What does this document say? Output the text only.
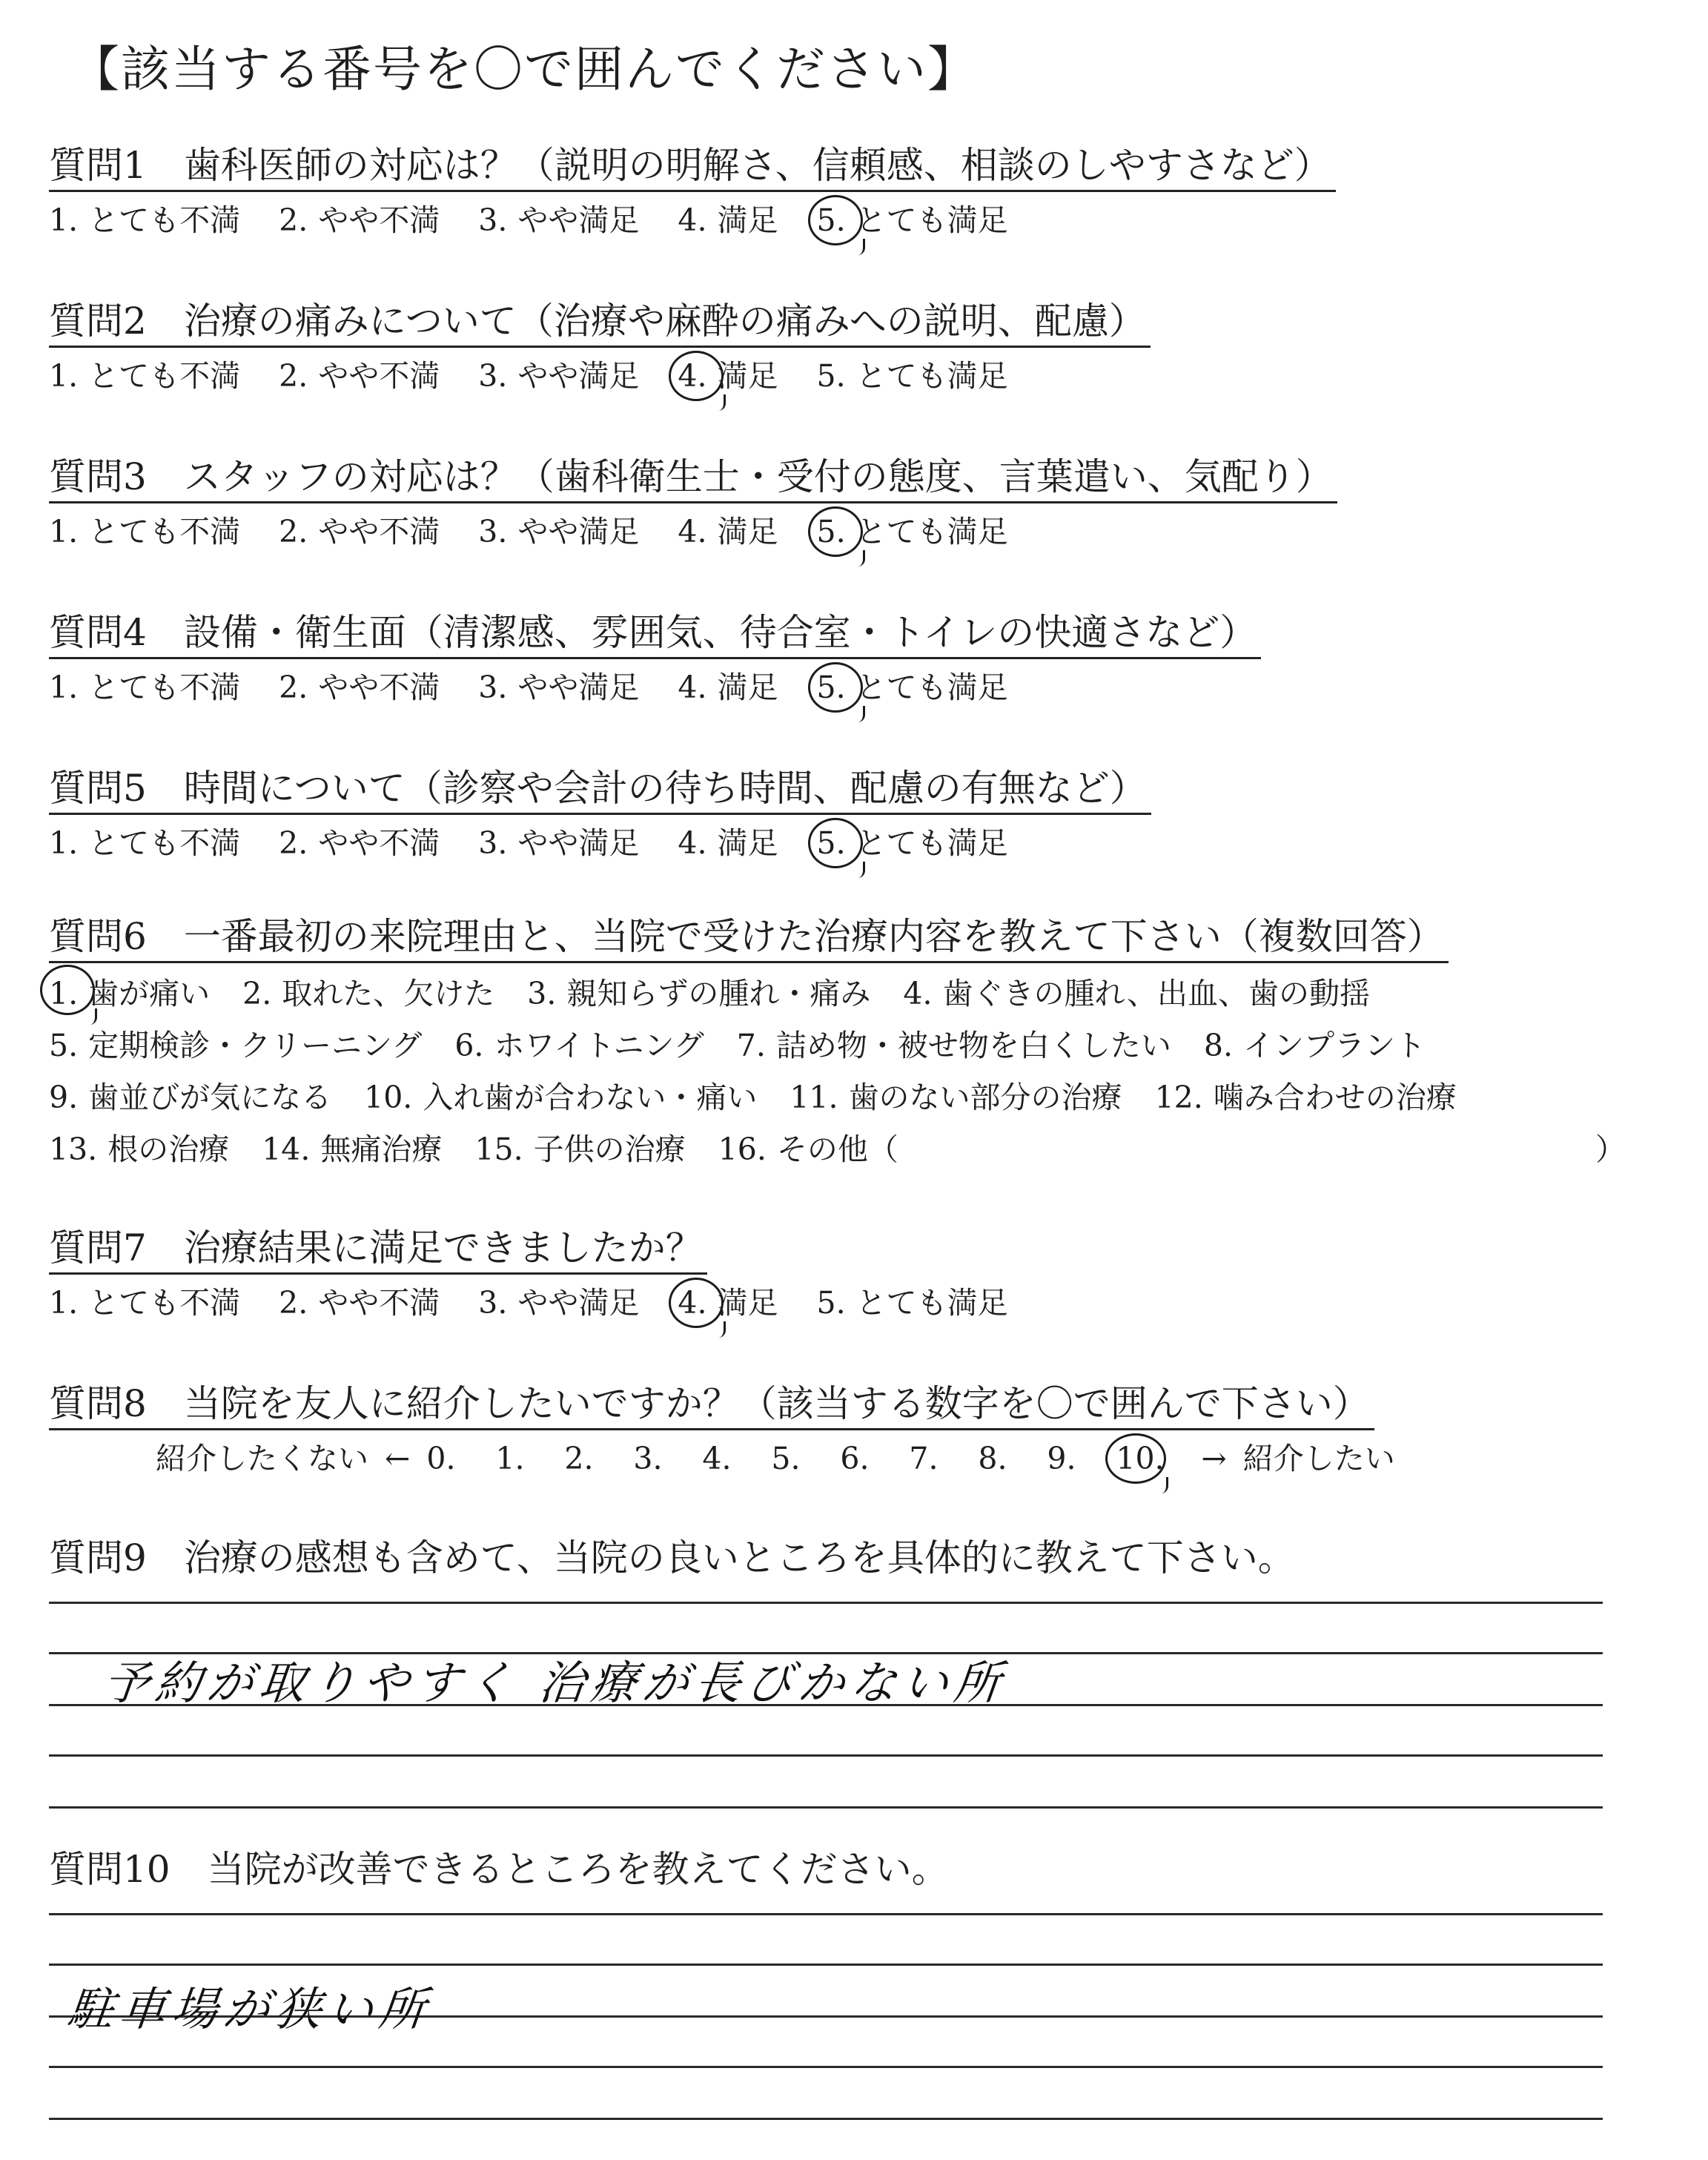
【該当する番号を〇で囲んでください】
質問1 歯科医師の対応は？（説明の明解さ、信頼感、相談のしやすさなど）
1. とても不満 2. やや不満 3. やや満足 4. 満足 5. とても満足
質問2 治療の痛みについて（治療や麻酔の痛みへの説明、配慮）
1. とても不満 2. やや不満 3. やや満足 4. 満足 5. とても満足
質問3 スタッフの対応は？（歯科衛生士・受付の態度、言葉遣い、気配り）
1. とても不満 2. やや不満 3. やや満足 4. 満足 5. とても満足
質問4 設備・衛生面（清潔感、雰囲気、待合室・トイレの快適さなど）
1. とても不満 2. やや不満 3. やや満足 4. 満足 5. とても満足
質問5 時間について（診察や会計の待ち時間、配慮の有無など）
1. とても不満 2. やや不満 3. やや満足 4. 満足 5. とても満足
質問6 一番最初の来院理由と、当院で受けた治療内容を教えて下さい（複数回答）
1. 歯が痛い 2. 取れた、欠けた 3. 親知らずの腫れ・痛み 4. 歯ぐきの腫れ、出血、歯の動揺
5. 定期検診・クリーニング 6. ホワイトニング 7. 詰め物・被せ物を白くしたい 8. インプラント
9. 歯並びが気になる 10. 入れ歯が合わない・痛い 11. 歯のない部分の治療 12. 噛み合わせの治療
13. 根の治療 14. 無痛治療 15. 子供の治療 16. その他（	）
質問7 治療結果に満足できましたか？
1. とても不満 2. やや不満 3. やや満足 4. 満足 5. とても満足
質問8 当院を友人に紹介したいですか？（該当する数字を〇で囲んで下さい）
紹介したくない ← 0. 1. 2. 3. 4. 5. 6. 7. 8. 9. 10. → 紹介したい
質問9 治療の感想も含めて、当院の良いところを具体的に教えて下さい。
予約が取りやすく 治療が長びかない所
質問10 当院が改善できるところを教えてください。
駐車場が狭い所
